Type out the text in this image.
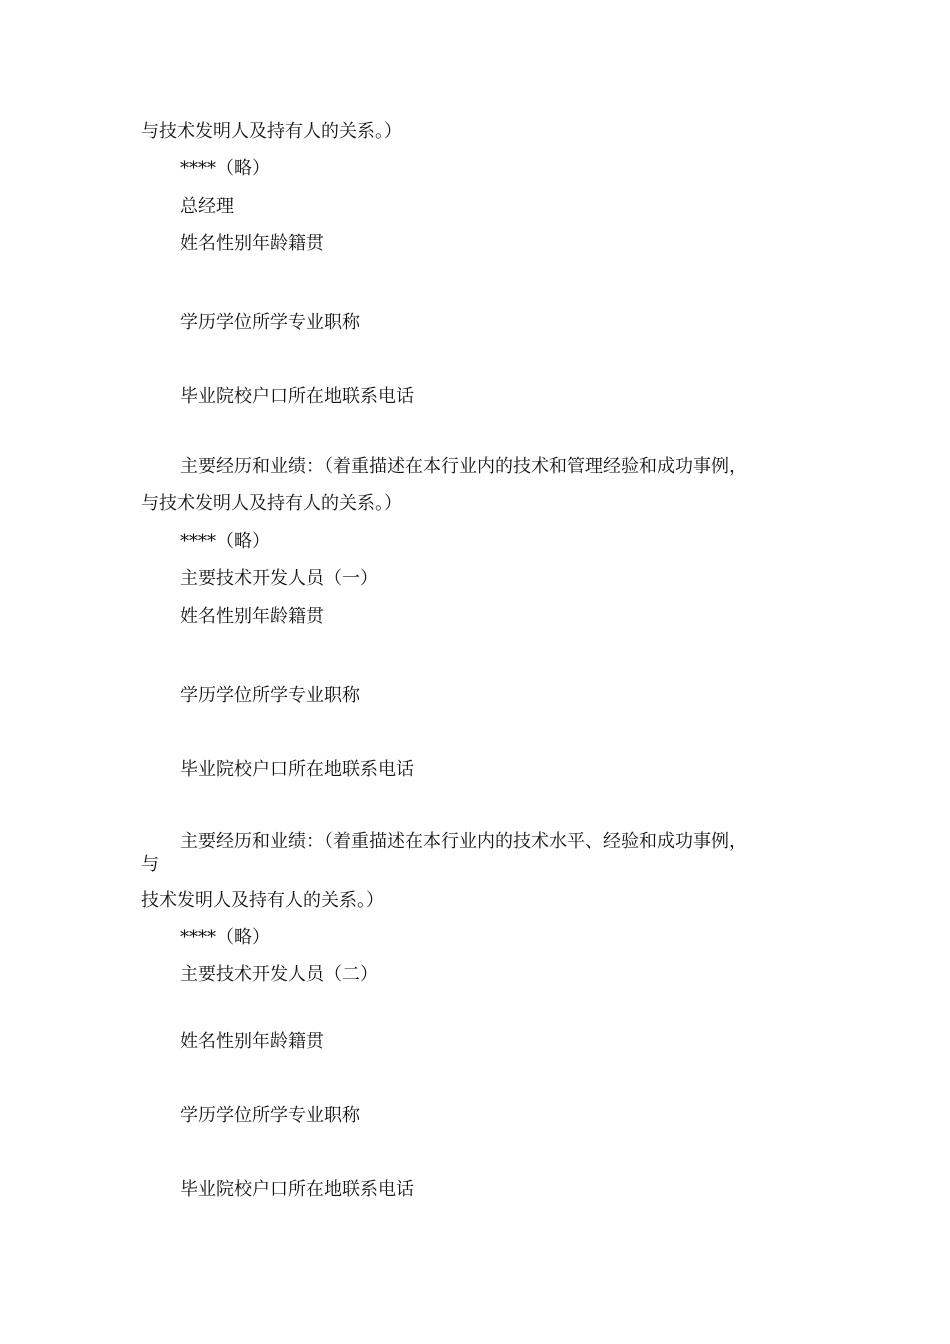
与技术发明人及持有人的关系。）
****（略）
总经理
姓名性别年龄籍贯
学历学位所学专业职称
毕业院校户口所在地联系电话
主要经历和业绩：（着重描述在本行业内的技术和管理经验和成功事例，
与技术发明人及持有人的关系。）
****（略）
主要技术开发人员（一）
姓名性别年龄籍贯
学历学位所学专业职称
毕业院校户口所在地联系电话
主要经历和业绩：（着重描述在本行业内的技术水平、经验和成功事例，
与
技术发明人及持有人的关系。）
****（略）
主要技术开发人员（二）
姓名性别年龄籍贯
学历学位所学专业职称
毕业院校户口所在地联系电话
